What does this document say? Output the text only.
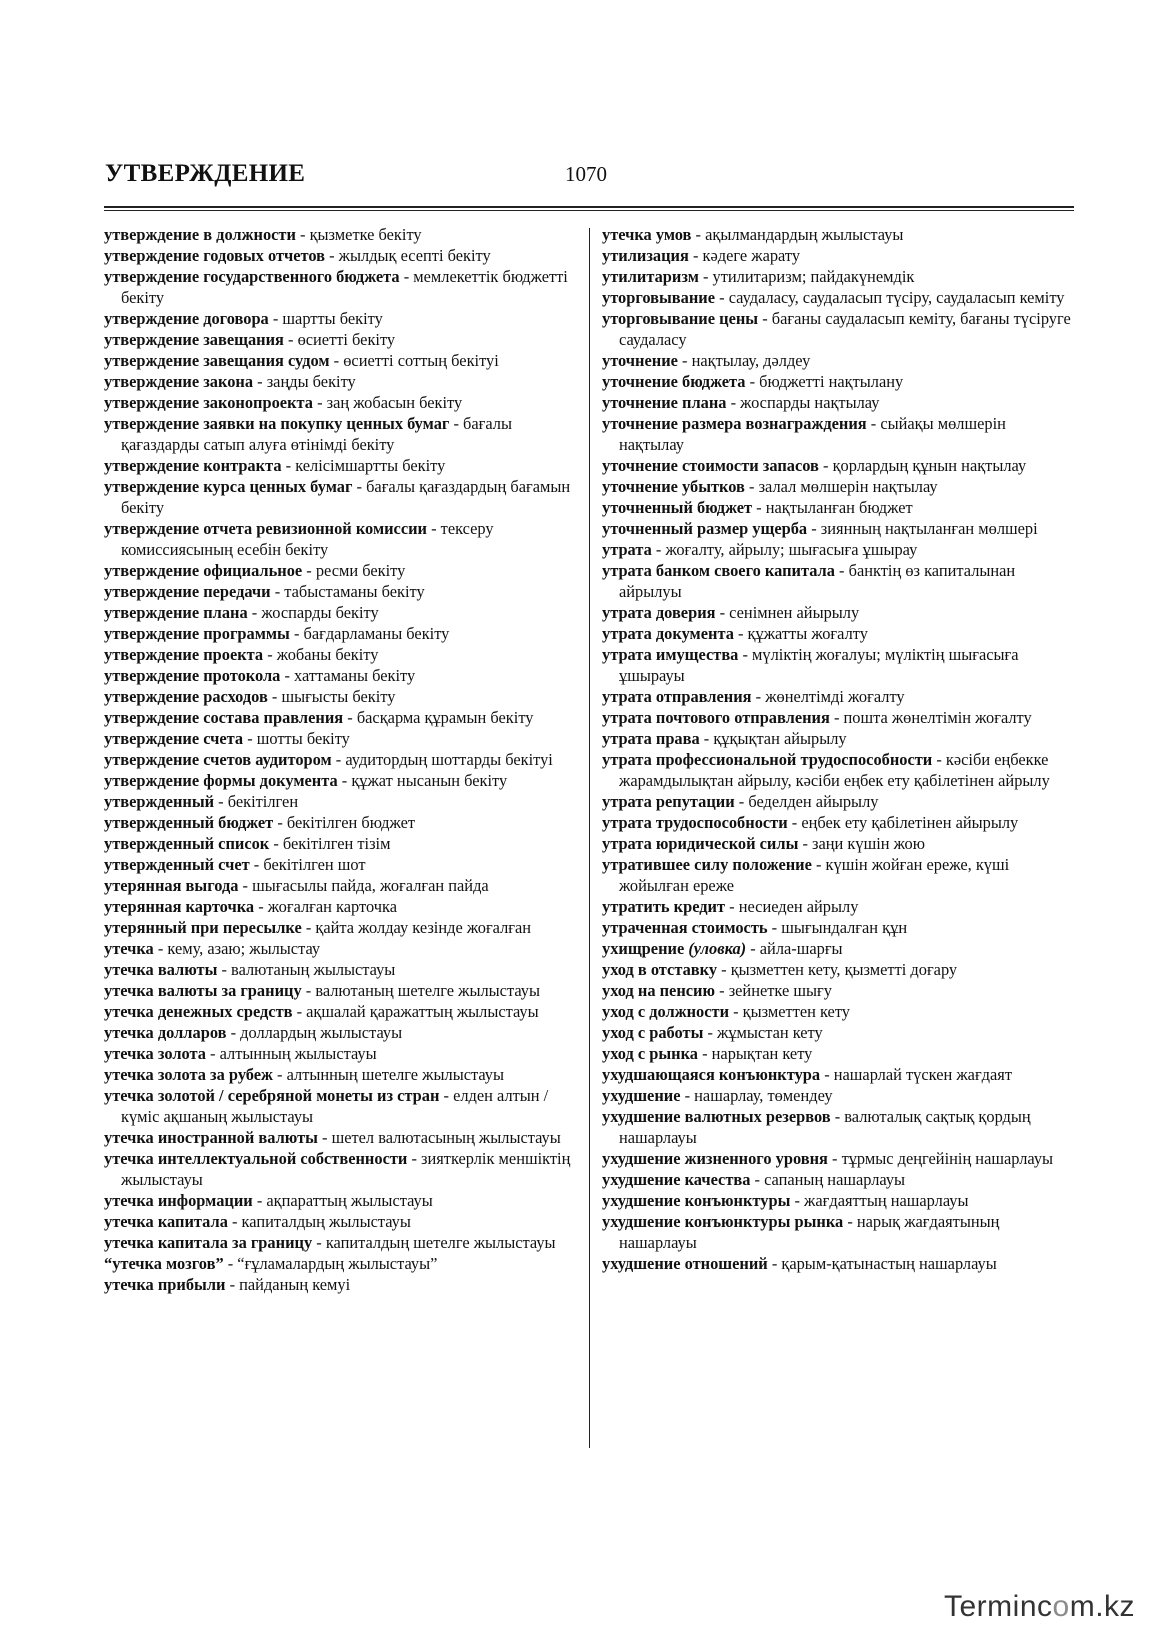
УТВЕРЖДЕНИЕ	1070

утверждение в должности - қызметке бекіту

утверждение годовых отчетов - жылдық есепті бекіту

утверждение государственного бюджета - мемлекеттік бюджетті бекіту

утверждение договора - шартты бекіту

утверждение завещания - өсиетті бекіту

утверждение завещания судом - өсиетті соттың бекітуі

утверждение закона - заңды бекіту

утверждение законопроекта - заң жобасын бекіту

утверждение заявки на покупку ценных бумаг - бағалы қағаздарды сатып алуға өтінімді бекіту

утверждение контракта - келісімшартты бекіту

утверждение курса ценных бумаг - бағалы қағаздардың бағамын бекіту

утверждение отчета ревизионной комиссии - тексеру комиссиясының есебін бекіту

утверждение официальное - ресми бекіту

утверждение передачи - табыстаманы бекіту

утверждение плана - жоспарды бекіту

утверждение программы - бағдарламаны бекіту

утверждение проекта - жобаны бекіту

утверждение протокола - хаттаманы бекіту

утверждение расходов - шығысты бекіту

утверждение состава правления - басқарма құрамын бекіту

утверждение счета - шотты бекіту

утверждение счетов аудитором - аудитордың шоттарды бекітуі

утверждение формы документа - құжат нысанын бекіту

утвержденный - бекітілген

утвержденный бюджет - бекітілген бюджет

утвержденный список - бекітілген тізім

утвержденный счет - бекітілген шот

утерянная выгода - шығасылы пайда, жоғалған пайда

утерянная карточка - жоғалған карточка

утерянный при пересылке - қайта жолдау кезінде жоғалған

утечка - кему, азаю; жылыстау

утечка валюты - валютаның жылыстауы

утечка валюты за границу - валютаның шетелге жылыстауы

утечка денежных средств - ақшалай қаражаттың жылыстауы

утечка долларов - доллардың жылыстауы

утечка золота - алтынның жылыстауы

утечка золота за рубеж - алтынның шетелге жылыстауы

утечка золотой / серебряной монеты из стран - елден алтын / күміс ақшаның жылыстауы

утечка иностранной валюты - шетел валютасының жылыстауы

утечка интеллектуальной собственности - зияткерлік меншіктің жылыстауы

утечка информации - ақпараттың жылыстауы

утечка капитала - капиталдың жылыстауы

утечка капитала за границу - капиталдың шетелге жылыстауы

“утечка мозгов” - “ғұламалардың жылыстауы”

утечка прибыли - пайданың кемуі

утечка умов - ақылмандардың жылыстауы

утилизация - кәдеге жарату

утилитаризм - утилитаризм; пайдакүнемдік

уторговывание - саудаласу, саудаласып түсіру, саудаласып кеміту

уторговывание цены - бағаны саудаласып кеміту, бағаны түсіруге саудаласу

уточнение - нақтылау, дәлдеу

уточнение бюджета - бюджетті нақтылану

уточнение плана - жоспарды нақтылау

уточнение размера вознаграждения - сыйақы мөлшерін нақтылау

уточнение стоимости запасов - қорлардың құнын нақтылау

уточнение убытков - залал мөлшерін нақтылау

уточненный бюджет - нақтыланған бюджет

уточненный размер ущерба - зиянның нақтыланған мөлшері

утрата - жоғалту, айрылу; шығасыға ұшырау

утрата банком своего капитала - банктің өз капиталынан айрылуы

утрата доверия - сенімнен айырылу

утрата документа - құжатты жоғалту

утрата имущества - мүліктің жоғалуы; мүліктің шығасыға ұшырауы

утрата отправления - жөнелтімді жоғалту

утрата почтового отправления - пошта жөнелтімін жоғалту

утрата права - құқықтан айырылу

утрата профессиональной трудоспособности - кәсіби еңбекке жарамдылықтан айрылу, кәсіби еңбек ету қабілетінен айрылу

утрата репутации - беделден айырылу

утрата трудоспособности - еңбек ету қабілетінен айырылу

утрата юридической силы - заңи күшін жою

утратившее силу положение - күшін жойған ереже, күші жойылған ереже

утратить кредит - несиеден айрылу

утраченная стоимость - шығындалған құн

ухищрение (уловка) - айла-шарғы

уход в отставку - қызметтен кету, қызметті доғару

уход на пенсию - зейнетке шығу

уход с должности - қызметтен кету

уход с работы - жұмыстан кету

уход с рынка - нарықтан кету

ухудшающаяся конъюнктура - нашарлай түскен жағдаят

ухудшение - нашарлау, төмендеу

ухудшение валютных резервов - валюталық сақтық қордың нашарлауы

ухудшение жизненного уровня - тұрмыс деңгейінің нашарлауы

ухудшение качества - сапаның нашарлауы

ухудшение конъюнктуры - жағдаяттың нашарлауы

ухудшение конъюнктуры рынка - нарық жағдаятының нашарлауы

ухудшение отношений - қарым-қатынастың нашарлауы

Termincom.kz
